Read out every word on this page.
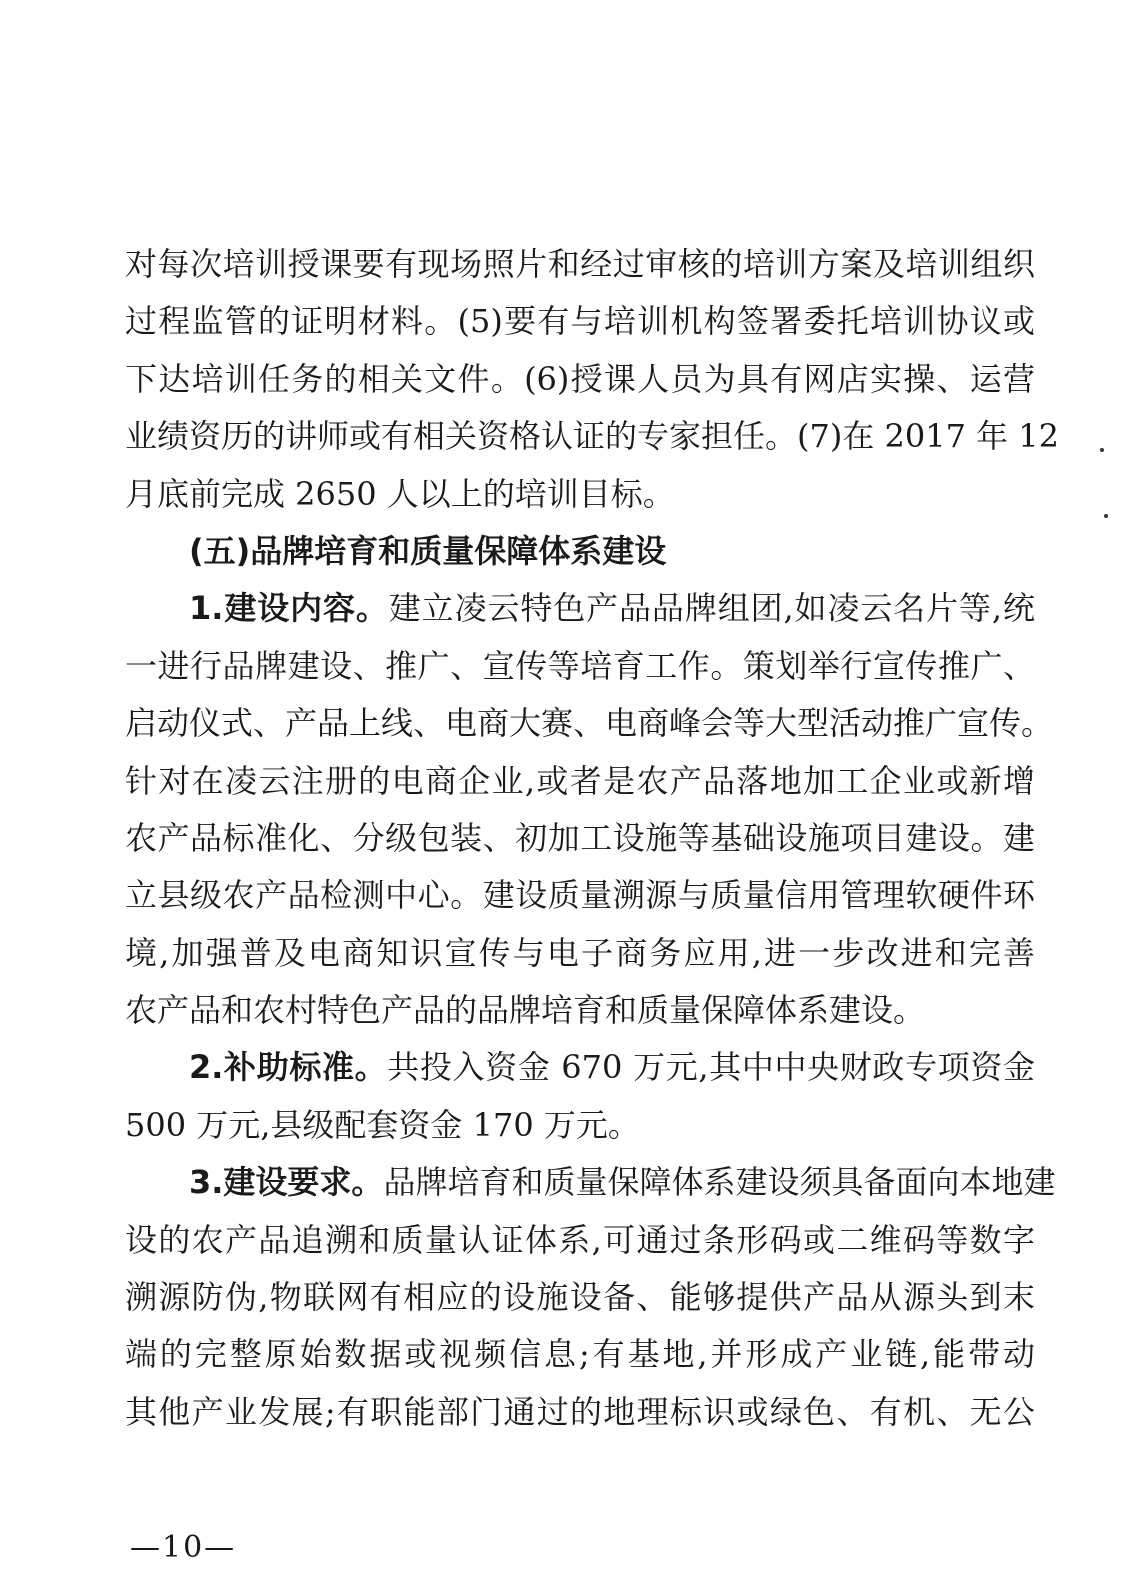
对每次培训授课要有现场照片和经过审核的培训方案及培训组织
过程监管的证明材料。(5)要有与培训机构签署委托培训协议或
下达培训任务的相关文件。(6)授课人员为具有网店实操、运营
业绩资历的讲师或有相关资格认证的专家担任。(7)在 2017 年 12
月底前完成 2650 人以上的培训目标。
(五)品牌培育和质量保障体系建设
1.建设内容。建立凌云特色产品品牌组团,如凌云名片等,统
一进行品牌建设、推广、宣传等培育工作。策划举行宣传推广、
启动仪式、产品上线、电商大赛、电商峰会等大型活动推广宣传。
针对在凌云注册的电商企业,或者是农产品落地加工企业或新增
农产品标准化、分级包装、初加工设施等基础设施项目建设。建
立县级农产品检测中心。建设质量溯源与质量信用管理软硬件环
境,加强普及电商知识宣传与电子商务应用,进一步改进和完善
农产品和农村特色产品的品牌培育和质量保障体系建设。
2.补助标准。共投入资金 670 万元,其中中央财政专项资金
500 万元,县级配套资金 170 万元。
3.建设要求。品牌培育和质量保障体系建设须具备面向本地建
设的农产品追溯和质量认证体系,可通过条形码或二维码等数字
溯源防伪,物联网有相应的设施设备、能够提供产品从源头到末
端的完整原始数据或视频信息;有基地,并形成产业链,能带动
其他产业发展;有职能部门通过的地理标识或绿色、有机、无公
—10—
